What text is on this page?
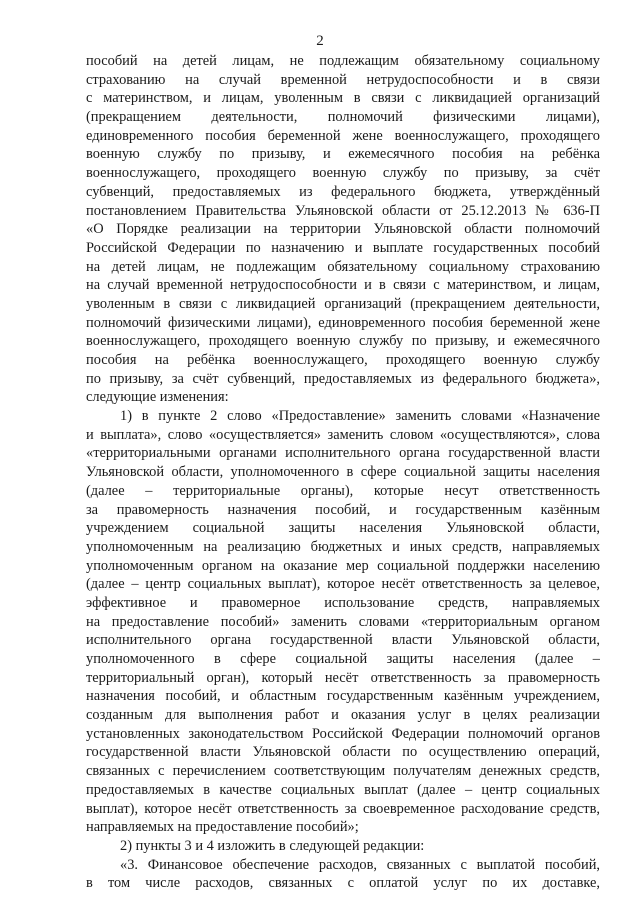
2
пособий на детей лицам, не подлежащим обязательному социальному
страхованию на случай временной нетрудоспособности и в связи
с материнством, и лицам, уволенным в связи с ликвидацией организаций
(прекращением деятельности, полномочий физическими лицами),
единовременного пособия беременной жене военнослужащего, проходящего
военную службу по призыву, и ежемесячного пособия на ребёнка
военнослужащего, проходящего военную службу по призыву, за счёт
субвенций, предоставляемых из федерального бюджета, утверждённый
постановлением Правительства Ульяновской области от 25.12.2013 № 636-П
«О Порядке реализации на территории Ульяновской области полномочий
Российской Федерации по назначению и выплате государственных пособий
на детей лицам, не подлежащим обязательному социальному страхованию
на случай временной нетрудоспособности и в связи с материнством, и лицам,
уволенным в связи с ликвидацией организаций (прекращением деятельности,
полномочий физическими лицами), единовременного пособия беременной жене
военнослужащего, проходящего военную службу по призыву, и ежемесячного
пособия на ребёнка военнослужащего, проходящего военную службу
по призыву, за счёт субвенций, предоставляемых из федерального бюджета»,
следующие изменения:
1) в пункте 2 слово «Предоставление» заменить словами «Назначение
и выплата», слово «осуществляется» заменить словом «осуществляются», слова
«территориальными органами исполнительного органа государственной власти
Ульяновской области, уполномоченного в сфере социальной защиты населения
(далее – территориальные органы), которые несут ответственность
за правомерность назначения пособий, и государственным казённым
учреждением социальной защиты населения Ульяновской области,
уполномоченным на реализацию бюджетных и иных средств, направляемых
уполномоченным органом на оказание мер социальной поддержки населению
(далее – центр социальных выплат), которое несёт ответственность за целевое,
эффективное и правомерное использование средств, направляемых
на предоставление пособий» заменить словами «территориальным органом
исполнительного органа государственной власти Ульяновской области,
уполномоченного в сфере социальной защиты населения (далее –
территориальный орган), который несёт ответственность за правомерность
назначения пособий, и областным государственным казённым учреждением,
созданным для выполнения работ и оказания услуг в целях реализации
установленных законодательством Российской Федерации полномочий органов
государственной власти Ульяновской области по осуществлению операций,
связанных с перечислением соответствующим получателям денежных средств,
предоставляемых в качестве социальных выплат (далее – центр социальных
выплат), которое несёт ответственность за своевременное расходование средств,
направляемых на предоставление пособий»;
2) пункты 3 и 4 изложить в следующей редакции:
«3. Финансовое обеспечение расходов, связанных с выплатой пособий,
в том числе расходов, связанных с оплатой услуг по их доставке,
